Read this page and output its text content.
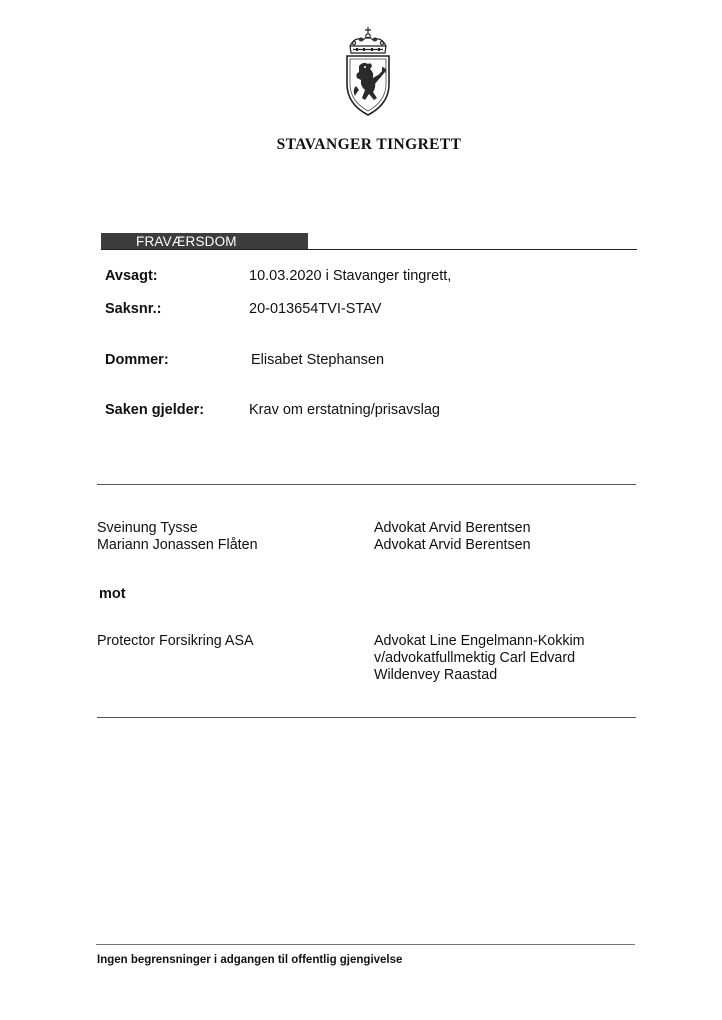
STAVANGER TINGRETT
FRAVÆRSDOM
Avsagt:	10.03.2020 i Stavanger tingrett,
Saksnr.:	20-013654TVI-STAV
Dommer:	Elisabet Stephansen
Saken gjelder:	Krav om erstatning/prisavslag
Sveinung Tysse	Advokat Arvid Berentsen
Mariann Jonassen Flåten	Advokat Arvid Berentsen
mot
Protector Forsikring ASA	Advokat Line Engelmann-Kokkim
v/advokatfullmektig Carl Edvard
Wildenvey Raastad
Ingen begrensninger i adgangen til offentlig gjengivelse
